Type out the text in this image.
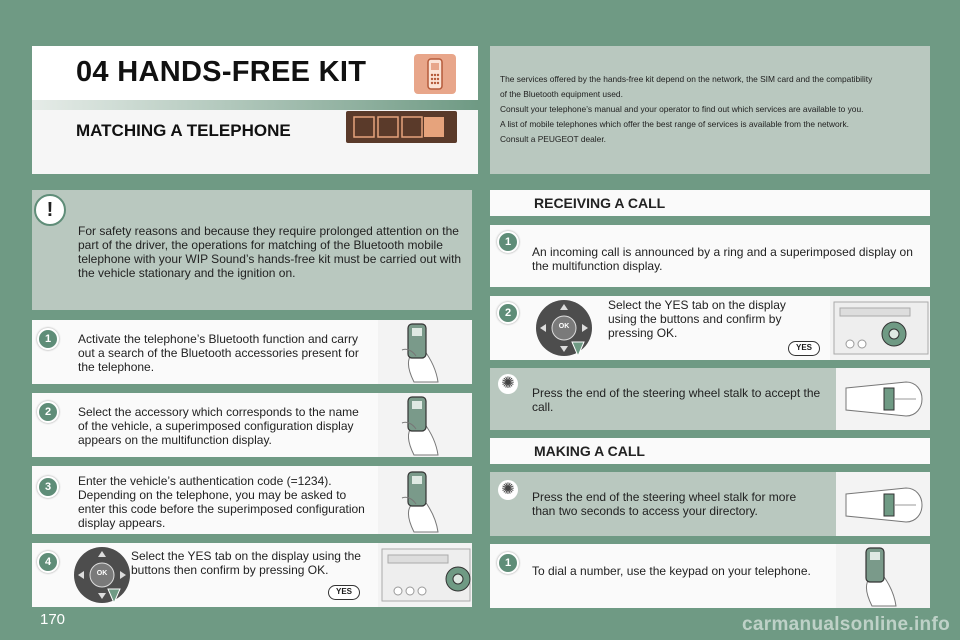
04 HANDS-FREE KIT
MATCHING A TELEPHONE
The services offered by the hands-free kit depend on the network, the SIM card and the compatibility
of the Bluetooth equipment used.
Consult your telephone’s manual and your operator to find out which services are available to you.
A list of mobile telephones which offer the best range of services is available from the network.
Consult a PEUGEOT dealer.
!
For safety reasons and because they require prolonged attention on the part of the driver, the operations for matching of the Bluetooth mobile telephone with your WIP Sound’s hands-free kit must be carried out with the vehicle stationary and the ignition on.
1	Activate the telephone’s Bluetooth function and carry out a search of the Bluetooth accessories present for the telephone.
2	Select the accessory which corresponds to the name of the vehicle, a superimposed configuration display appears on the multifunction display.
3	Enter the vehicle’s authentication code (=1234). Depending on the telephone, you may be asked to enter this code before the superimposed configuration display appears.
4
OK
Select the YES tab on the display using the buttons then confirm by pressing OK.
YES
RECEIVING A CALL
1
An incoming call is announced by a ring and a superimposed display on the multifunction display.
2
OK
Select the YES tab on the display using the buttons and confirm by pressing OK.
YES
✺
Press the end of the steering wheel stalk to accept the call.
MAKING A CALL
✺ Press the end of the steering wheel stalk for more than two seconds to access your directory.
1
To dial a number, use the keypad on your telephone.
170	carmanualsonline.info
